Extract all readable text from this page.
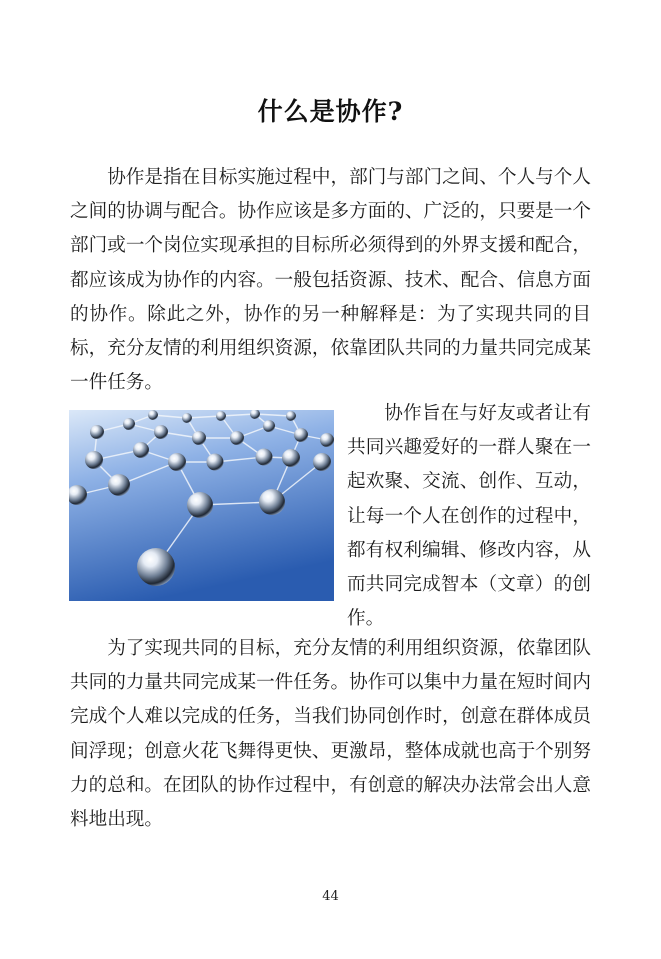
什么是协作?

协作是指在目标实施过程中，部门与部门之间、个人与个人之间的协调与配合。协作应该是多方面的、广泛的，只要是一个部门或一个岗位实现承担的目标所必须得到的外界支援和配合，都应该成为协作的内容。一般包括资源、技术、配合、信息方面的协作。除此之外，协作的另一种解释是：为了实现共同的目标，充分友情的利用组织资源，依靠团队共同的力量共同完成某一件任务。

协作旨在与好友或者让有共同兴趣爱好的一群人聚在一起欢聚、交流、创作、互动，让每一个人在创作的过程中，都有权利编辑、修改内容，从而共同完成智本（文章）的创作。

为了实现共同的目标，充分友情的利用组织资源，依靠团队共同的力量共同完成某一件任务。协作可以集中力量在短时间内完成个人难以完成的任务，当我们协同创作时，创意在群体成员间浮现；创意火花飞舞得更快、更激昂，整体成就也高于个别努力的总和。在团队的协作过程中，有创意的解决办法常会出人意料地出现。

44
